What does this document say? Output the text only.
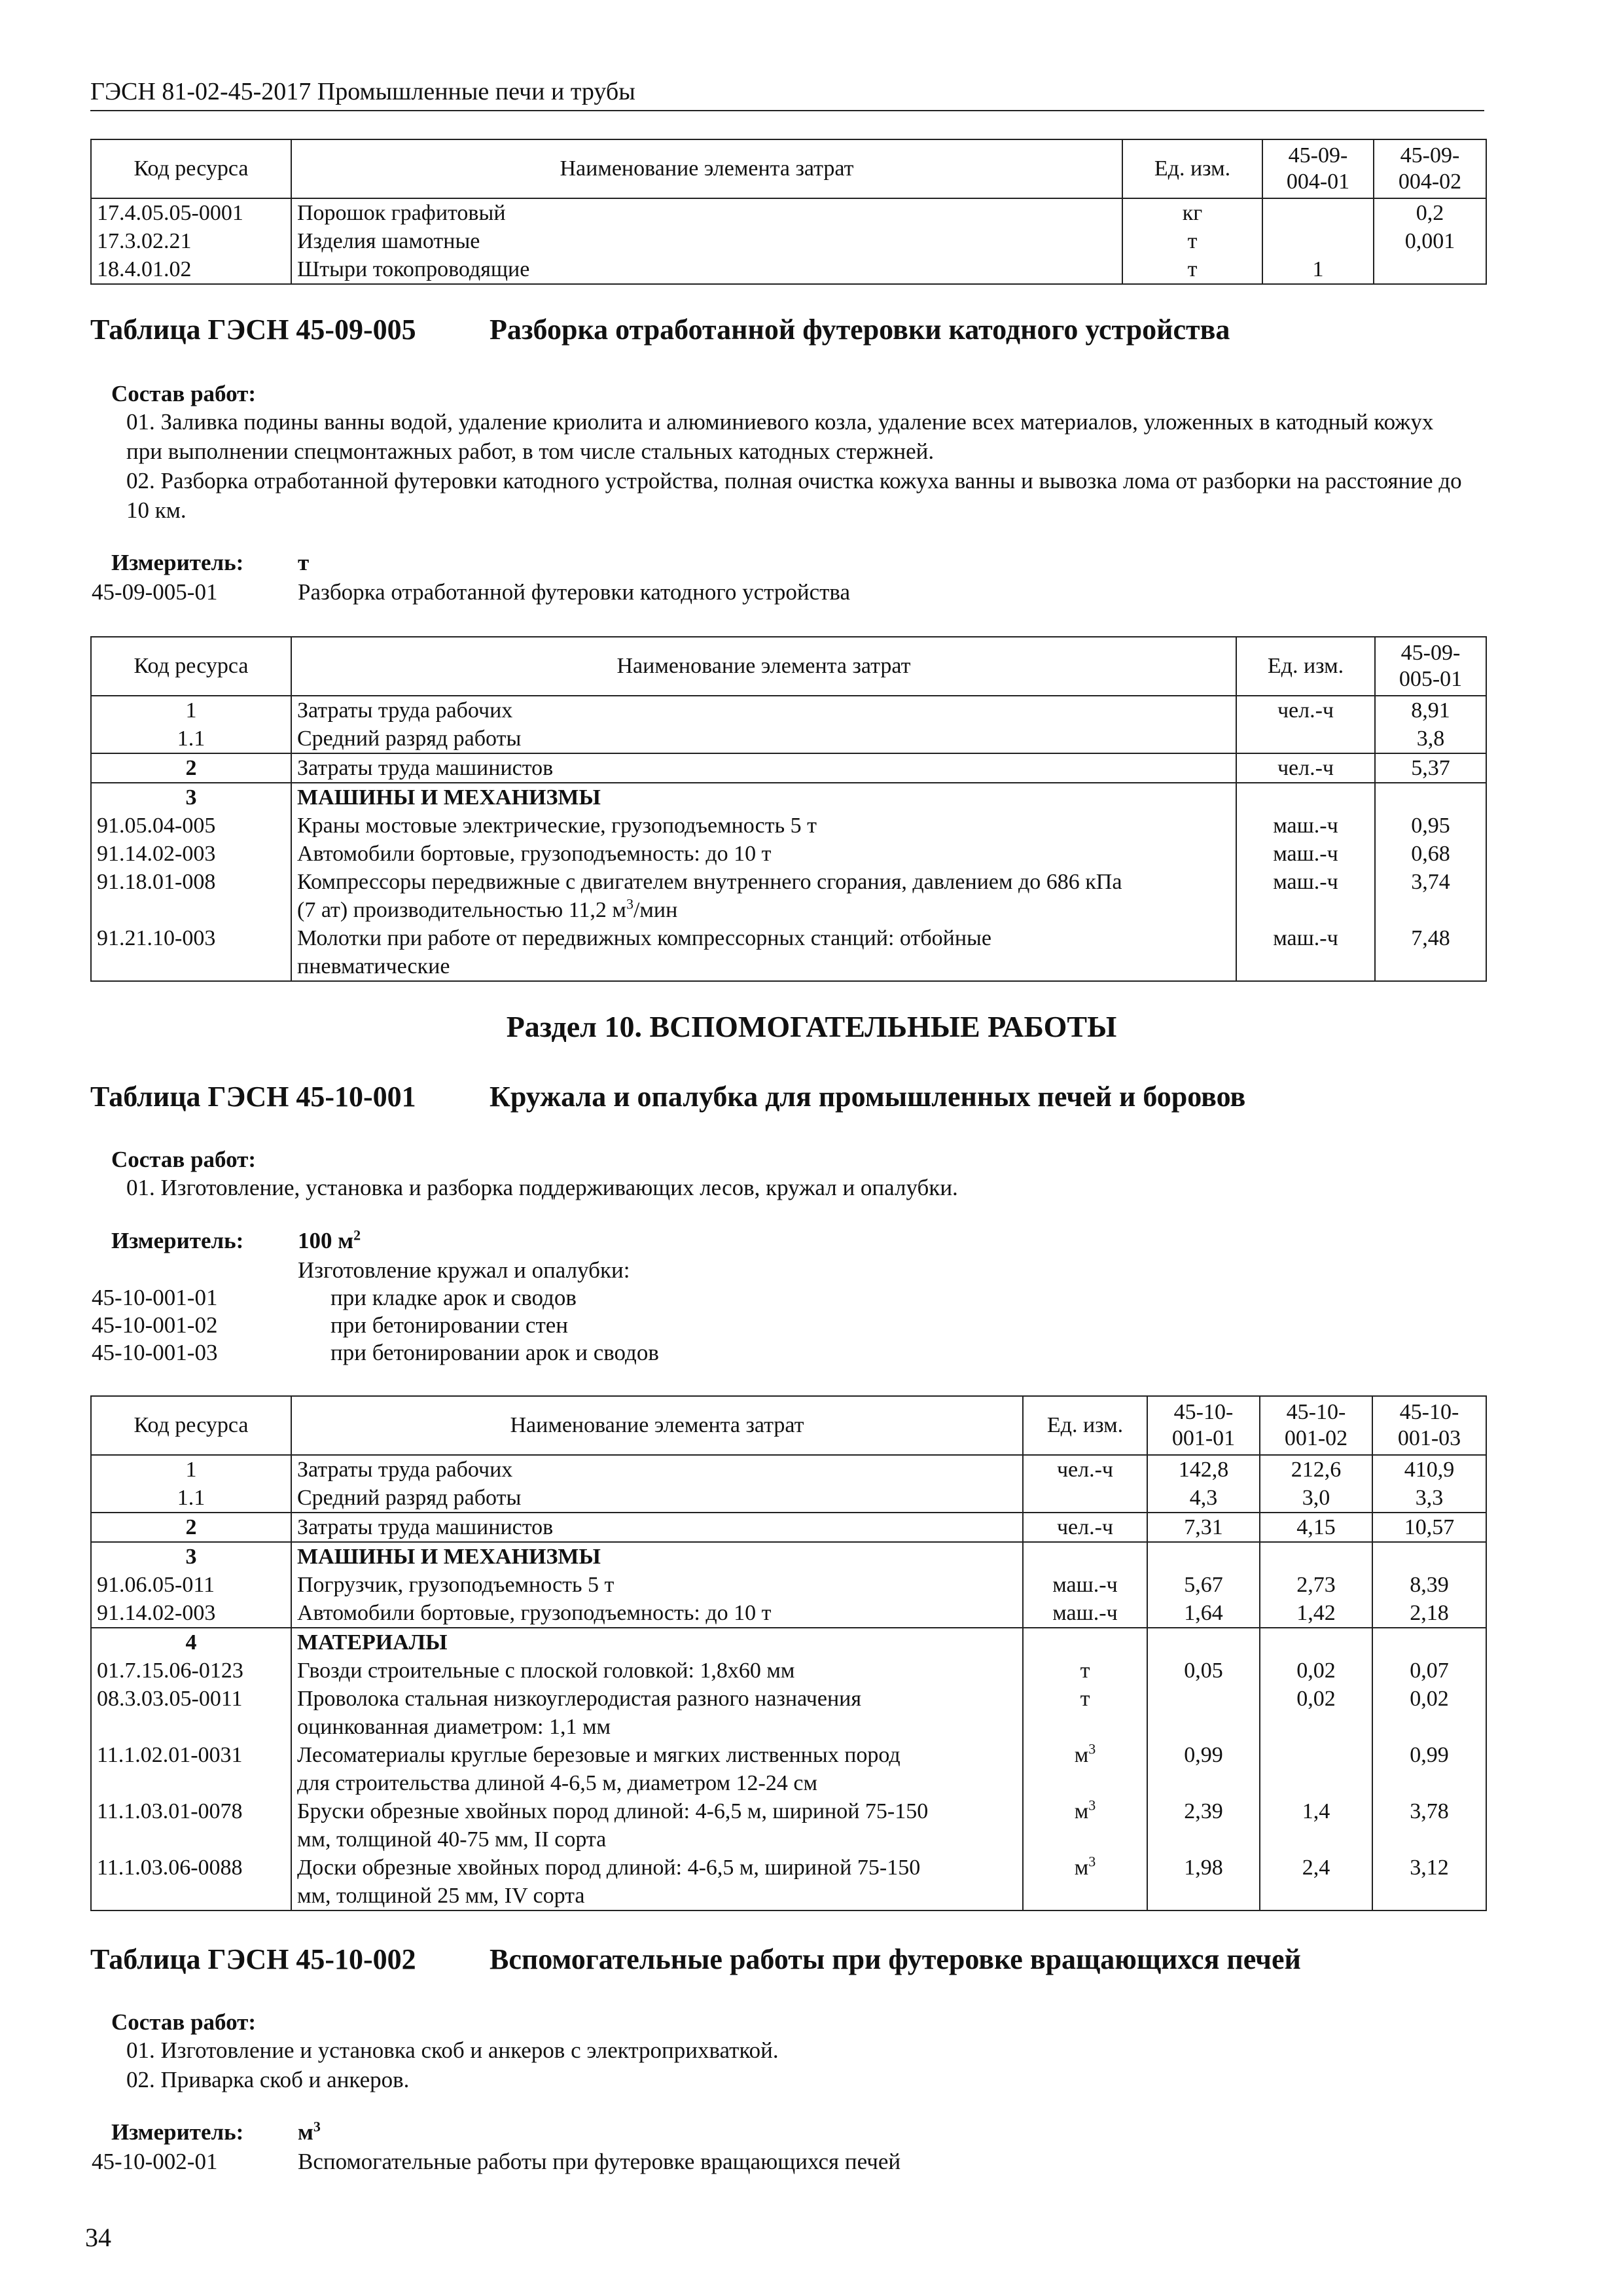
ГЭСН 81-02-45-2017 Промышленные печи и трубы
Код ресурса	Наименование элемента затрат	Ед. изм.	45-09-
004-01	45-09-
004-02
17.4.05.05-0001	Порошок графитовый	кг		0,2
17.3.02.21	Изделия шамотные	т		0,001
18.4.01.02	Штыри токопроводящие	т	1	
Таблица ГЭСН 45-09-005	Разборка отработанной футеровки катодного устройства
Состав работ:
01. Заливка подины ванны водой, удаление криолита и алюминиевого козла, удаление всех материалов, уложенных в катодный кожух при выполнении спецмонтажных работ, в том числе стальных катодных стержней.
02. Разборка отработанной футеровки катодного устройства, полная очистка кожуха ванны и вывозка лома от разборки на расстояние до 10 км.
Измеритель: т
45-09-005-01	Разборка отработанной футеровки катодного устройства
Код ресурса	Наименование элемента затрат	Ед. изм.	45-09-
005-01
1	Затраты труда рабочих	чел.-ч	8,91
1.1	Средний разряд работы		3,8
2	Затраты труда машинистов	чел.-ч	5,37
3	МАШИНЫ И МЕХАНИЗМЫ		
91.05.04-005	Краны мостовые электрические, грузоподъемность 5 т	маш.-ч	0,95
91.14.02-003	Автомобили бортовые, грузоподъемность: до 10 т	маш.-ч	0,68
91.18.01-008	Компрессоры передвижные с двигателем внутреннего сгорания, давлением до 686 кПа
(7 ат) производительностью 11,2 $м^3$/мин	маш.-ч	3,74
91.21.10-003	Молотки при работе от передвижных компрессорных станций: отбойные
пневматические	маш.-ч	7,48
Раздел 10. ВСПОМОГАТЕЛЬНЫЕ РАБОТЫ
Таблица ГЭСН 45-10-001	Кружала и опалубка для промышленных печей и боровов
Состав работ:
01. Изготовление, установка и разборка поддерживающих лесов, кружал и опалубки.
Измеритель: 100 $м^2$
Изготовление кружал и опалубки:
45-10-001-01	при кладке арок и сводов
45-10-001-02	при бетонировании стен
45-10-001-03	при бетонировании арок и сводов
Код ресурса	Наименование элемента затрат	Ед. изм.	45-10-
001-01	45-10-
001-02	45-10-
001-03
1	Затраты труда рабочих	чел.-ч	142,8	212,6	410,9
1.1	Средний разряд работы		4,3	3,0	3,3
2	Затраты труда машинистов	чел.-ч	7,31	4,15	10,57
3	МАШИНЫ И МЕХАНИЗМЫ				
91.06.05-011	Погрузчик, грузоподъемность 5 т	маш.-ч	5,67	2,73	8,39
91.14.02-003	Автомобили бортовые, грузоподъемность: до 10 т	маш.-ч	1,64	1,42	2,18
4	МАТЕРИАЛЫ				
01.7.15.06-0123	Гвозди строительные с плоской головкой: 1,8х60 мм	т	0,05	0,02	0,07
08.3.03.05-0011	Проволока стальная низкоуглеродистая разного назначения
оцинкованная диаметром: 1,1 мм	т		0,02	0,02
11.1.02.01-0031	Лесоматериалы круглые березовые и мягких лиственных пород
для строительства длиной 4-6,5 м, диаметром 12-24 см	$м^3$	0,99		0,99
11.1.03.01-0078	Бруски обрезные хвойных пород длиной: 4-6,5 м, шириной 75-150
мм, толщиной 40-75 мм, II сорта	$м^3$	2,39	1,4	3,78
11.1.03.06-0088	Доски обрезные хвойных пород длиной: 4-6,5 м, шириной 75-150
мм, толщиной 25 мм, IV сорта	$м^3$	1,98	2,4	3,12
Таблица ГЭСН 45-10-002	Вспомогательные работы при футеровке вращающихся печей
Состав работ:
01. Изготовление и установка скоб и анкеров с электроприхваткой.
02. Приварка скоб и анкеров.
Измеритель: $м^3$
45-10-002-01	Вспомогательные работы при футеровке вращающихся печей
34
